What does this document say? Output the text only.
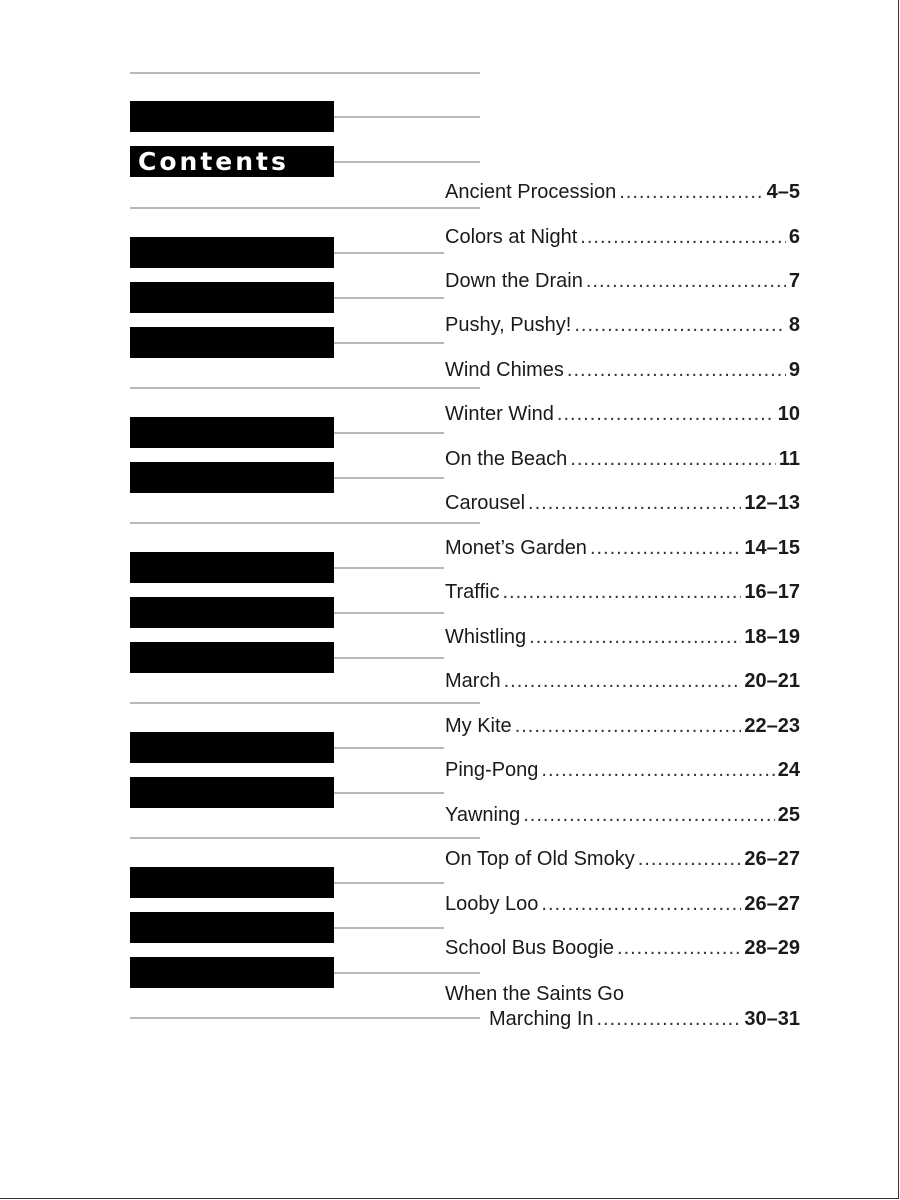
Contents
Ancient Procession .....	4–5
Colors at Night .....	6
Down the Drain .....	7
Pushy, Pushy! .....	8
Wind Chimes .....	9
Winter Wind .....	10
On the Beach .....	11
Carousel .....	12–13
Monet’s Garden .....	14–15
Traffic .....	16–17
Whistling .....	18–19
March .....	20–21
My Kite .....	22–23
Ping-Pong .....	24
Yawning .....	25
On Top of Old Smoky .....	26–27
Looby Loo .....	26–27
School Bus Boogie .....	28–29
When the Saints Go
Marching In .....	30–31
